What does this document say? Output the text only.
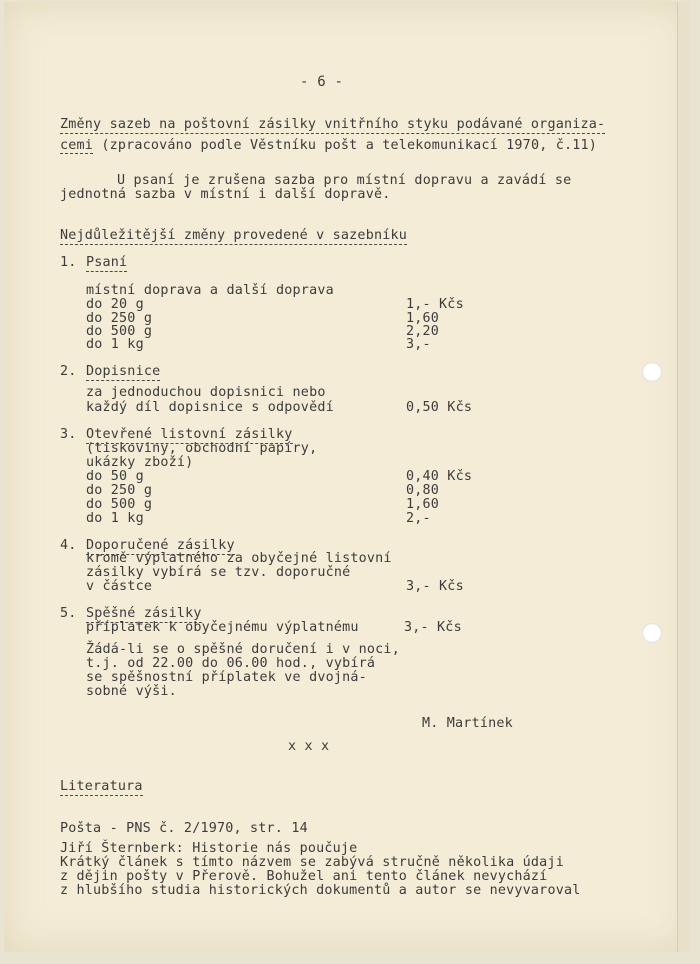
- 6 -
Změny sazeb na poštovní zásilky vnitřního styku podávané organiza-
cemi (zpracováno podle Věstníku pošt a telekomunikací 1970, č.11)
U psaní je zrušena sazba pro místní dopravu a zavádí se
jednotná sazba v místní i další dopravě.
Nejdůležitější změny provedené v sazebníku
1. Psaní
místní doprava a další doprava
do 20 g	1,- Kčs
do 250 g	1,60
do 500 g	2,20
do 1 kg	3,-
2. Dopisnice
za jednoduchou dopisnici nebo
každý díl dopisnice s odpovědí	0,50 Kčs
3. Otevřené listovní zásilky
(tiskoviny, obchodní papíry,
ukázky zboží)
do 50 g	0,40 Kčs
do 250 g	0,80
do 500 g	1,60
do 1 kg	2,-
4. Doporučené zásilky
kromě výplatného za obyčejné listovní
zásilky vybírá se tzv. doporučné
v částce	3,- Kčs
5. Spěšné zásilky
příplatek k obyčejnému výplatnému	3,- Kčs
Žádá-li se o spěšné doručení i v noci,
t.j. od 22.00 do 06.00 hod., vybírá
se spěšnostní příplatek ve dvojná-
sobné výši.
M. Martínek
x x x
Literatura
Pošta - PNS č. 2/1970, str. 14
Jiří Šternberk: Historie nás poučuje
Krátký článek s tímto názvem se zabývá stručně několika údaji
z dějin pošty v Přerově. Bohužel ani tento článek nevychází
z hlubšího studia historických dokumentů a autor se nevyvaroval
